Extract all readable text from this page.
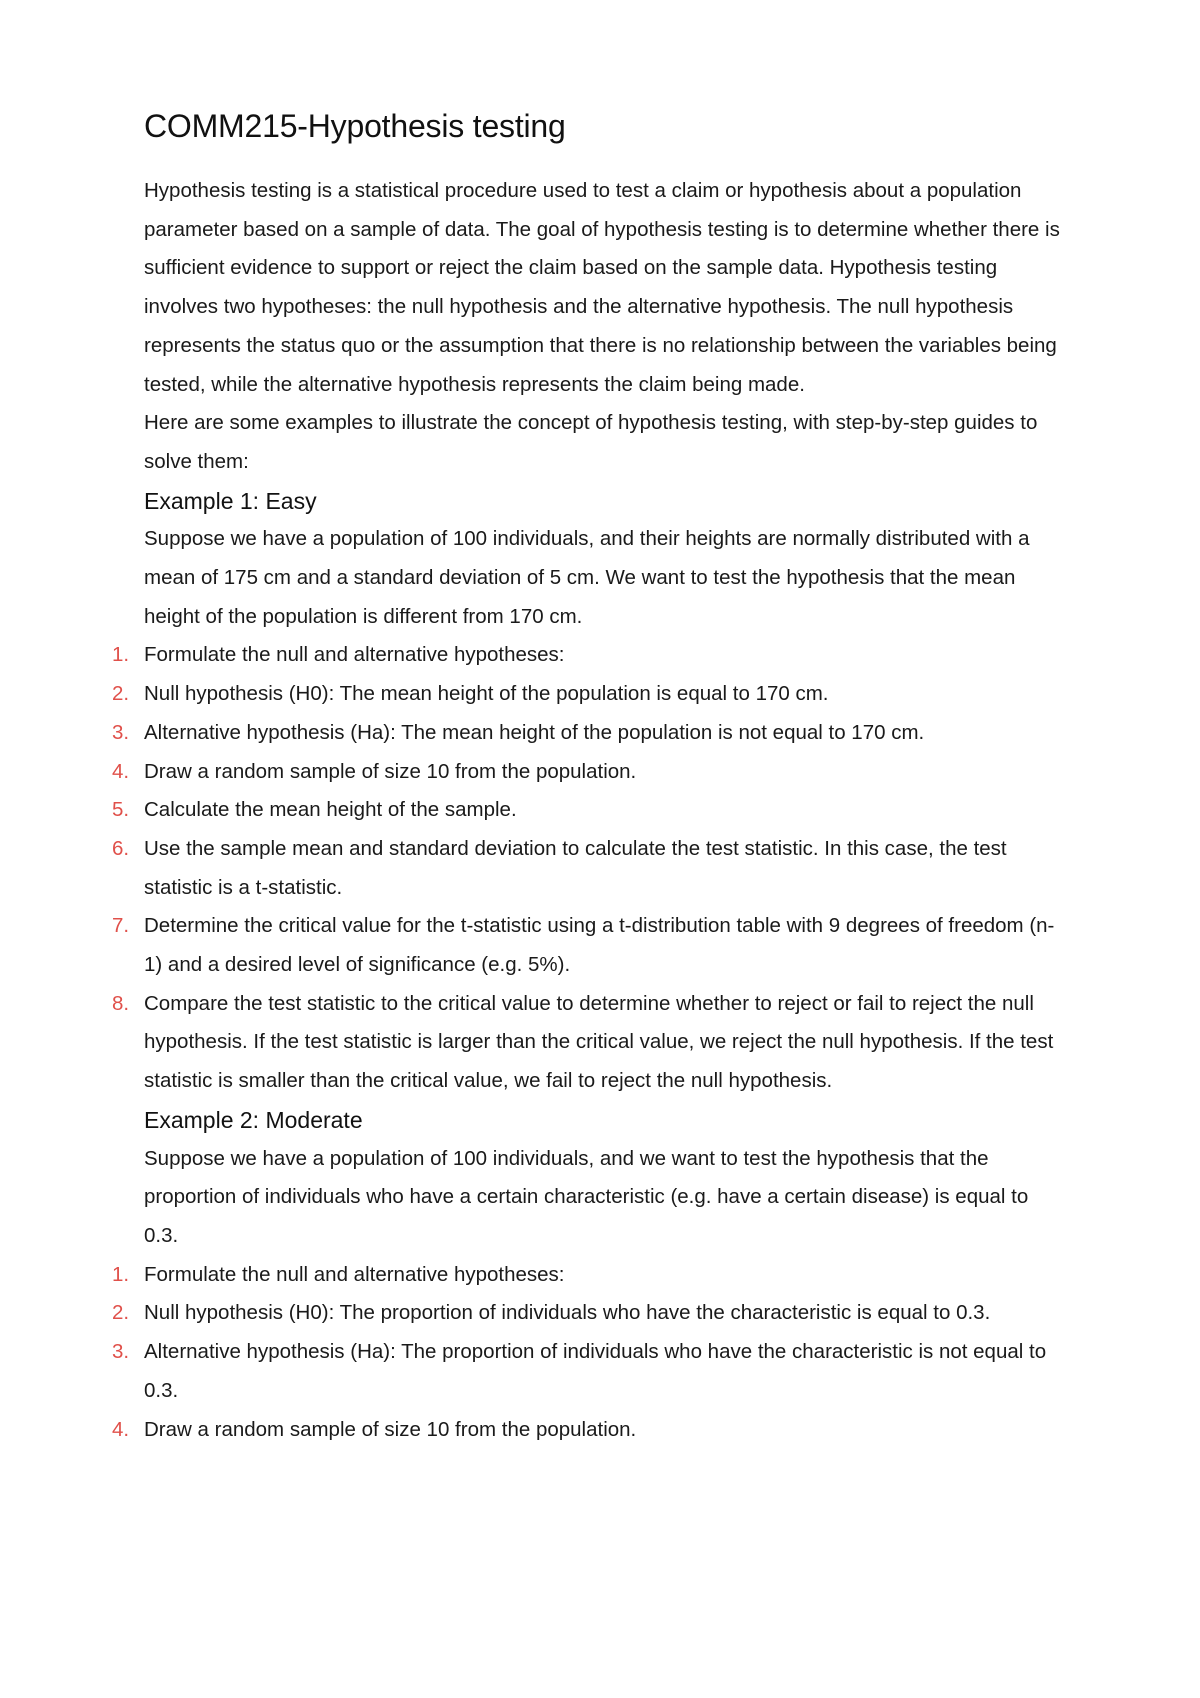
COMM215-Hypothesis testing

Hypothesis testing is a statistical procedure used to test a claim or hypothesis about a population parameter based on a sample of data. The goal of hypothesis testing is to determine whether there is sufficient evidence to support or reject the claim based on the sample data. Hypothesis testing involves two hypotheses: the null hypothesis and the alternative hypothesis. The null hypothesis represents the status quo or the assumption that there is no relationship between the variables being tested, while the alternative hypothesis represents the claim being made.

Here are some examples to illustrate the concept of hypothesis testing, with step-by-step guides to solve them:

Example 1: Easy

Suppose we have a population of 100 individuals, and their heights are normally distributed with a mean of 175 cm and a standard deviation of 5 cm. We want to test the hypothesis that the mean height of the population is different from 170 cm.

1. Formulate the null and alternative hypotheses:
2. Null hypothesis (H0): The mean height of the population is equal to 170 cm.
3. Alternative hypothesis (Ha): The mean height of the population is not equal to 170 cm.
4. Draw a random sample of size 10 from the population.
5. Calculate the mean height of the sample.
6. Use the sample mean and standard deviation to calculate the test statistic. In this case, the test statistic is a t-statistic.
7. Determine the critical value for the t-statistic using a t-distribution table with 9 degrees of freedom (n-1) and a desired level of significance (e.g. 5%).
8. Compare the test statistic to the critical value to determine whether to reject or fail to reject the null hypothesis. If the test statistic is larger than the critical value, we reject the null hypothesis. If the test statistic is smaller than the critical value, we fail to reject the null hypothesis.
Example 2: Moderate

Suppose we have a population of 100 individuals, and we want to test the hypothesis that the proportion of individuals who have a certain characteristic (e.g. have a certain disease) is equal to 0.3.

1. Formulate the null and alternative hypotheses:
2. Null hypothesis (H0): The proportion of individuals who have the characteristic is equal to 0.3.
3. Alternative hypothesis (Ha): The proportion of individuals who have the characteristic is not equal to 0.3.
4. Draw a random sample of size 10 from the population.
